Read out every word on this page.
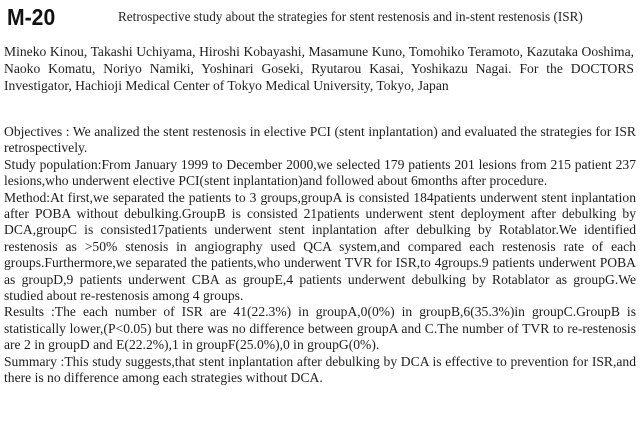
M-20	Retrospective study about the strategies for stent restenosis and in-stent restenosis (ISR)
Mineko Kinou, Takashi Uchiyama, Hiroshi Kobayashi, Masamune Kuno, Tomohiko Teramoto, Kazutaka Ooshima, Naoko Komatu, Noriyo Namiki, Yoshinari Goseki, Ryutarou Kasai, Yoshikazu Nagai. For the DOCTORS Investigator, Hachioji Medical Center of Tokyo Medical University, Tokyo, Japan

Objectives : We analized the stent restenosis in elective PCI (stent inplantation) and evaluated the strategies for ISR retrospectively.

Study population:From January 1999 to December 2000,we selected 179 patients 201 lesions from 215 patient 237 lesions,who underwent elective PCI(stent inplantation)and followed about 6months after procedure.

Method:At first,we separated the patients to 3 groups,groupA is consisted 184patients underwent stent inplantation after POBA without debulking.GroupB is consisted 21patients underwent stent deployment after debulking by DCA,groupC is consisted17patients underwent stent inplantation after debulking by Rotablator.We identified restenosis as >50% stenosis in angiography used QCA system,and compared each restenosis rate of each groups.Furthermore,we separated the patients,who underwent TVR for ISR,to 4groups.9 patients underwent POBA as groupD,9 patients underwent CBA as groupE,4 patients underwent debulking by Rotablator as groupG.We studied about re-restenosis among 4 groups.

Results :The each number of ISR are 41(22.3%) in groupA,0(0%) in groupB,6(35.3%)in groupC.GroupB is statistically lower,(P<0.05) but there was no difference between groupA and C.The number of TVR to re-restenosis are 2 in groupD and E(22.2%),1 in groupF(25.0%),0 in groupG(0%).

Summary :This study suggests,that stent inplantation after debulking by DCA is effective to prevention for ISR,and there is no difference among each strategies without DCA.
